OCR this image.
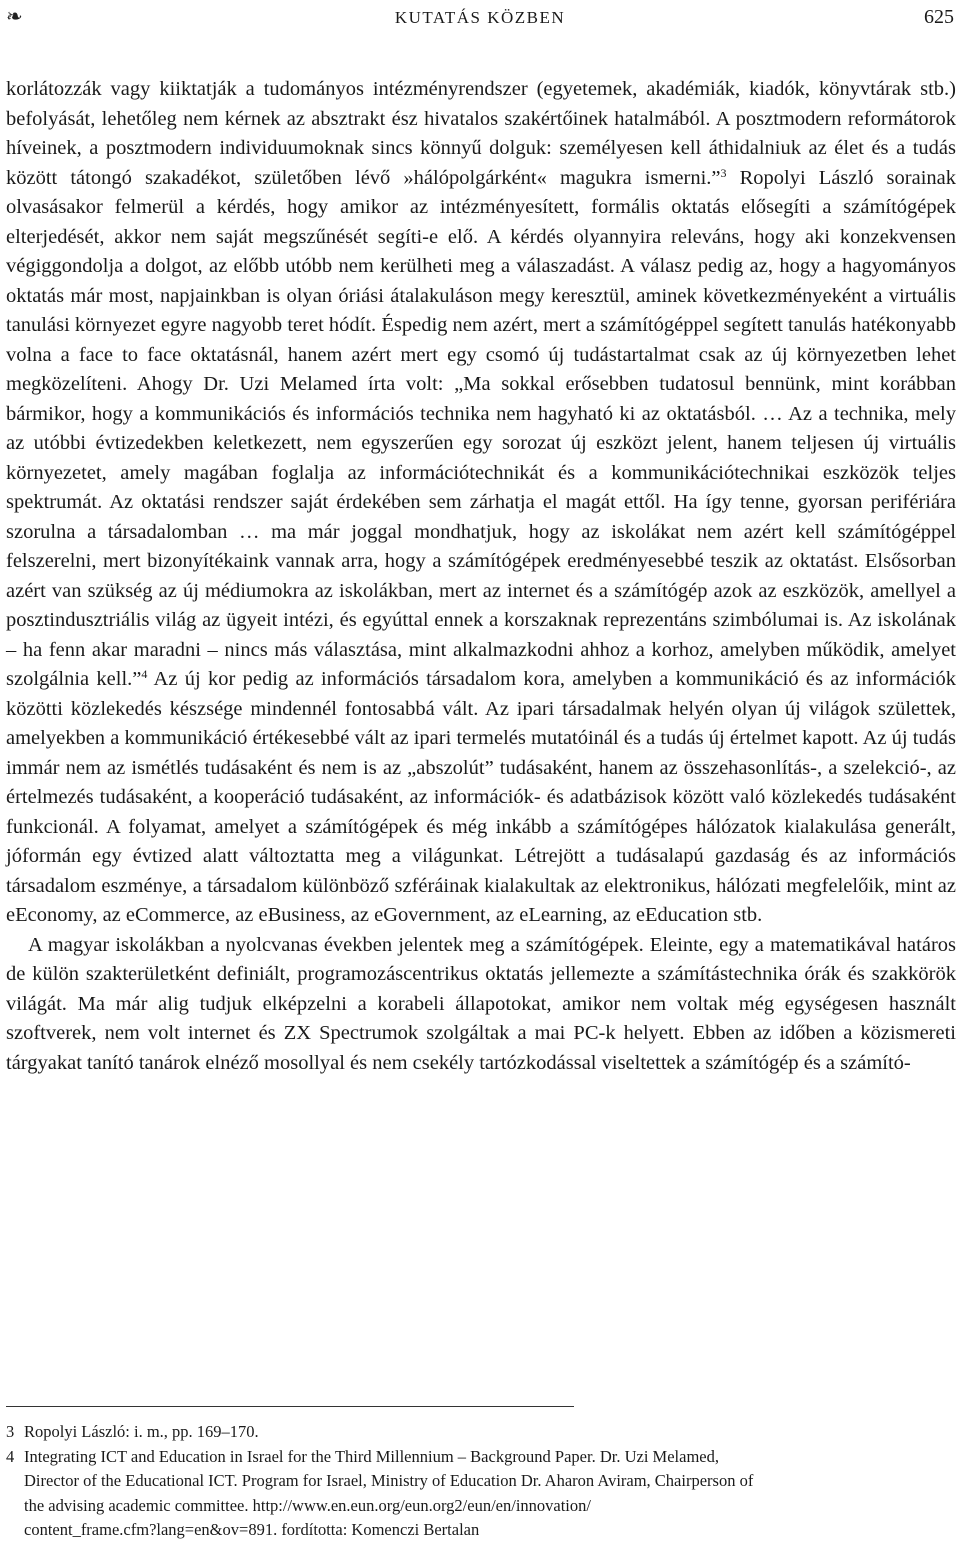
❧	KUTATÁS KÖZBEN	625

korlátozzák vagy kiiktatják a tudományos intézményrendszer (egyetemek, akadémiák, kiadók, könyvtárak stb.) befolyását, lehetőleg nem kérnek az absztrakt ész hivatalos szakértőinek hatalmából. A posztmodern reformátorok híveinek, a posztmodern individuumoknak sincs könnyű dolguk: személyesen kell áthidalniuk az élet és a tudás között tátongó szakadékot, születőben lévő »hálópolgárként« magukra ismerni.”$^3$ Ropolyi László sorainak olvasásakor felmerül a kérdés, hogy amikor az intézményesített, formális oktatás elősegíti a számítógépek elterjedését, akkor nem saját megszűnését segíti-e elő. A kérdés olyannyira releváns, hogy aki konzekvensen végiggondolja a dolgot, az előbb utóbb nem kerülheti meg a válaszadást. A válasz pedig az, hogy a hagyományos oktatás már most, napjainkban is olyan óriási átalakuláson megy keresztül, aminek következményeként a virtuális tanulási környezet egyre nagyobb teret hódít. Éspedig nem azért, mert a számítógéppel segített tanulás hatékonyabb volna a face to face oktatásnál, hanem azért mert egy csomó új tudástartalmat csak az új környezetben lehet megközelíteni. Ahogy Dr. Uzi Melamed írta volt: „Ma sokkal erősebben tudatosul bennünk, mint korábban bármikor, hogy a kommunikációs és információs technika nem hagyható ki az oktatásból. … Az a technika, mely az utóbbi évtizedekben keletkezett, nem egyszerűen egy sorozat új eszközt jelent, hanem teljesen új virtuális környezetet, amely magában foglalja az információtechnikát és a kommunikációtechnikai eszközök teljes spektrumát. Az oktatási rendszer saját érdekében sem zárhatja el magát ettől. Ha így tenne, gyorsan perifériára szorulna a társadalomban … ma már joggal mondhatjuk, hogy az iskolákat nem azért kell számítógéppel felszerelni, mert bizonyítékaink vannak arra, hogy a számítógépek eredményesebbé teszik az oktatást. Elsősorban azért van szükség az új médiumokra az iskolákban, mert az internet és a számítógép azok az eszközök, amellyel a posztindusztriális világ az ügyeit intézi, és egyúttal ennek a korszaknak reprezentáns szimbólumai is. Az iskolának – ha fenn akar maradni – nincs más választása, mint alkalmazkodni ahhoz a korhoz, amelyben működik, amelyet szolgálnia kell.”$^4$ Az új kor pedig az információs társadalom kora, amelyben a kommunikáció és az információk közötti közlekedés készsége mindennél fontosabbá vált. Az ipari társadalmak helyén olyan új világok születtek, amelyekben a kommunikáció értékesebbé vált az ipari termelés mutatóinál és a tudás új értelmet kapott. Az új tudás immár nem az ismétlés tudásaként és nem is az „abszolút” tudásaként, hanem az összehasonlítás-, a szelekció-, az értelmezés tudásaként, a kooperáció tudásaként, az információk- és adatbázisok között való közlekedés tudásaként funkcionál. A folyamat, amelyet a számítógépek és még inkább a számítógépes hálózatok kialakulása generált, jóformán egy évtized alatt változtatta meg a világunkat. Létrejött a tudásalapú gazdaság és az információs társadalom eszménye, a társadalom különböző szféráinak kialakultak az elektronikus, hálózati megfelelőik, mint az eEconomy, az eCommerce, az eBusiness, az eGovernment, az eLearning, az eEducation stb.

A magyar iskolákban a nyolcvanas években jelentek meg a számítógépek. Eleinte, egy a matematikával határos de külön szakterületként definiált, programozáscentrikus oktatás jellemezte a számítástechnika órák és szakkörök világát. Ma már alig tudjuk elképzelni a korabeli állapotokat, amikor nem voltak még egységesen használt szoftverek, nem volt internet és ZX Spectrumok szolgáltak a mai PC-k helyett. Ebben az időben a közismereti tárgyakat tanító tanárok elnéző mosollyal és nem csekély tartózkodással viseltettek a számítógép és a számító-

3 Ropolyi László: i. m., pp. 169–170.
4 Integrating ICT and Education in Israel for the Third Millennium – Background Paper. Dr. Uzi Melamed,
Director of the Educational ICT. Program for Israel, Ministry of Education Dr. Aharon Aviram, Chairperson of
the advising academic committee. http://www.en.eun.org/eun.org2/eun/en/innovation/
content_frame.cfm?lang=en&ov=891. fordította: Komenczi Bertalan
